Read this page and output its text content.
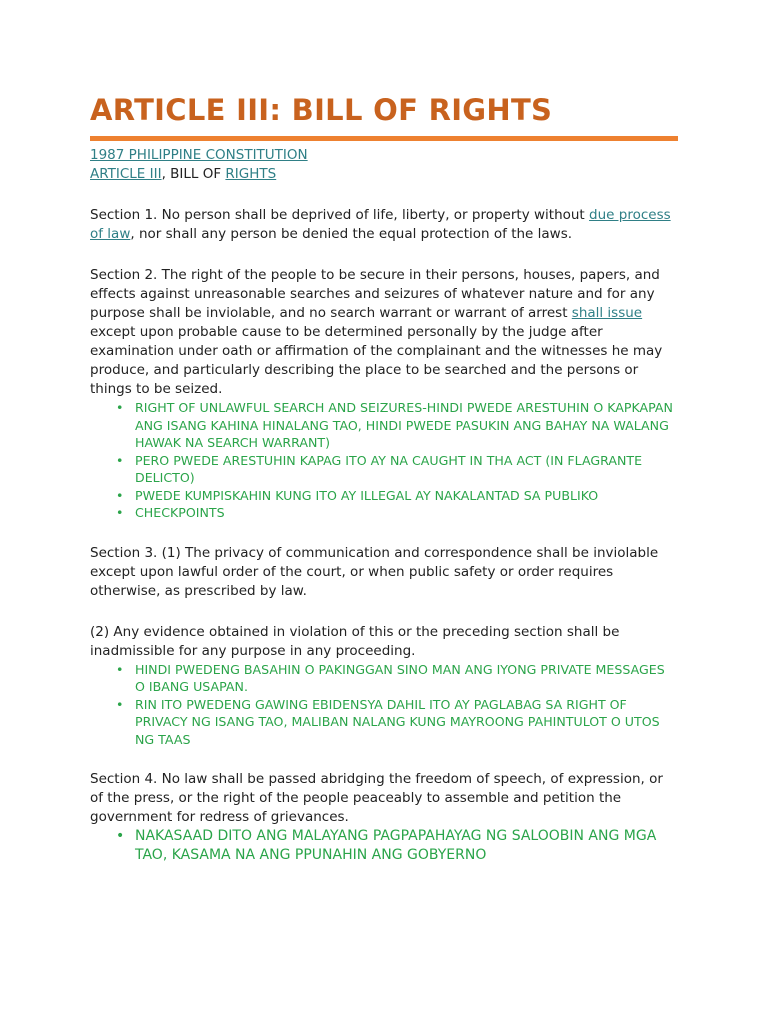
ARTICLE III: BILL OF RIGHTS
1987 PHILIPPINE CONSTITUTION
ARTICLE III, BILL OF RIGHTS

Section 1. No person shall be deprived of life, liberty, or property without due process of law, nor shall any person be denied the equal protection of the laws.

Section 2. The right of the people to be secure in their persons, houses, papers, and effects against unreasonable searches and seizures of whatever nature and for any purpose shall be inviolable, and no search warrant or warrant of arrest shall issue except upon probable cause to be determined personally by the judge after examination under oath or affirmation of the complainant and the witnesses he may produce, and particularly describing the place to be searched and the persons or things to be seized.

• RIGHT OF UNLAWFUL SEARCH AND SEIZURES-HINDI PWEDE ARESTUHIN O KAPKAPAN ANG ISANG KAHINA HINALANG TAO, HINDI PWEDE PASUKIN ANG BAHAY NA WALANG HAWAK NA SEARCH WARRANT)
• PERO PWEDE ARESTUHIN KAPAG ITO AY NA CAUGHT IN THA ACT (IN FLAGRANTE DELICTO)
• PWEDE KUMPISKAHIN KUNG ITO AY ILLEGAL AY NAKALANTAD SA PUBLIKO
• CHECKPOINTS

Section 3. (1) The privacy of communication and correspondence shall be inviolable except upon lawful order of the court, or when public safety or order requires otherwise, as prescribed by law.

(2) Any evidence obtained in violation of this or the preceding section shall be inadmissible for any purpose in any proceeding.

• HINDI PWEDENG BASAHIN O PAKINGGAN SINO MAN ANG IYONG PRIVATE MESSAGES O IBANG USAPAN.
• RIN ITO PWEDENG GAWING EBIDENSYA DAHIL ITO AY PAGLABAG SA RIGHT OF PRIVACY NG ISANG TAO, MALIBAN NALANG KUNG MAYROONG PAHINTULOT O UTOS NG TAAS

Section 4. No law shall be passed abridging the freedom of speech, of expression, or of the press, or the right of the people peaceably to assemble and petition the government for redress of grievances.

• NAKASAAD DITO ANG MALAYANG PAGPAPAHAYAG NG SALOOBIN ANG MGA TAO, KASAMA NA ANG PPUNAHIN ANG GOBYERNO
